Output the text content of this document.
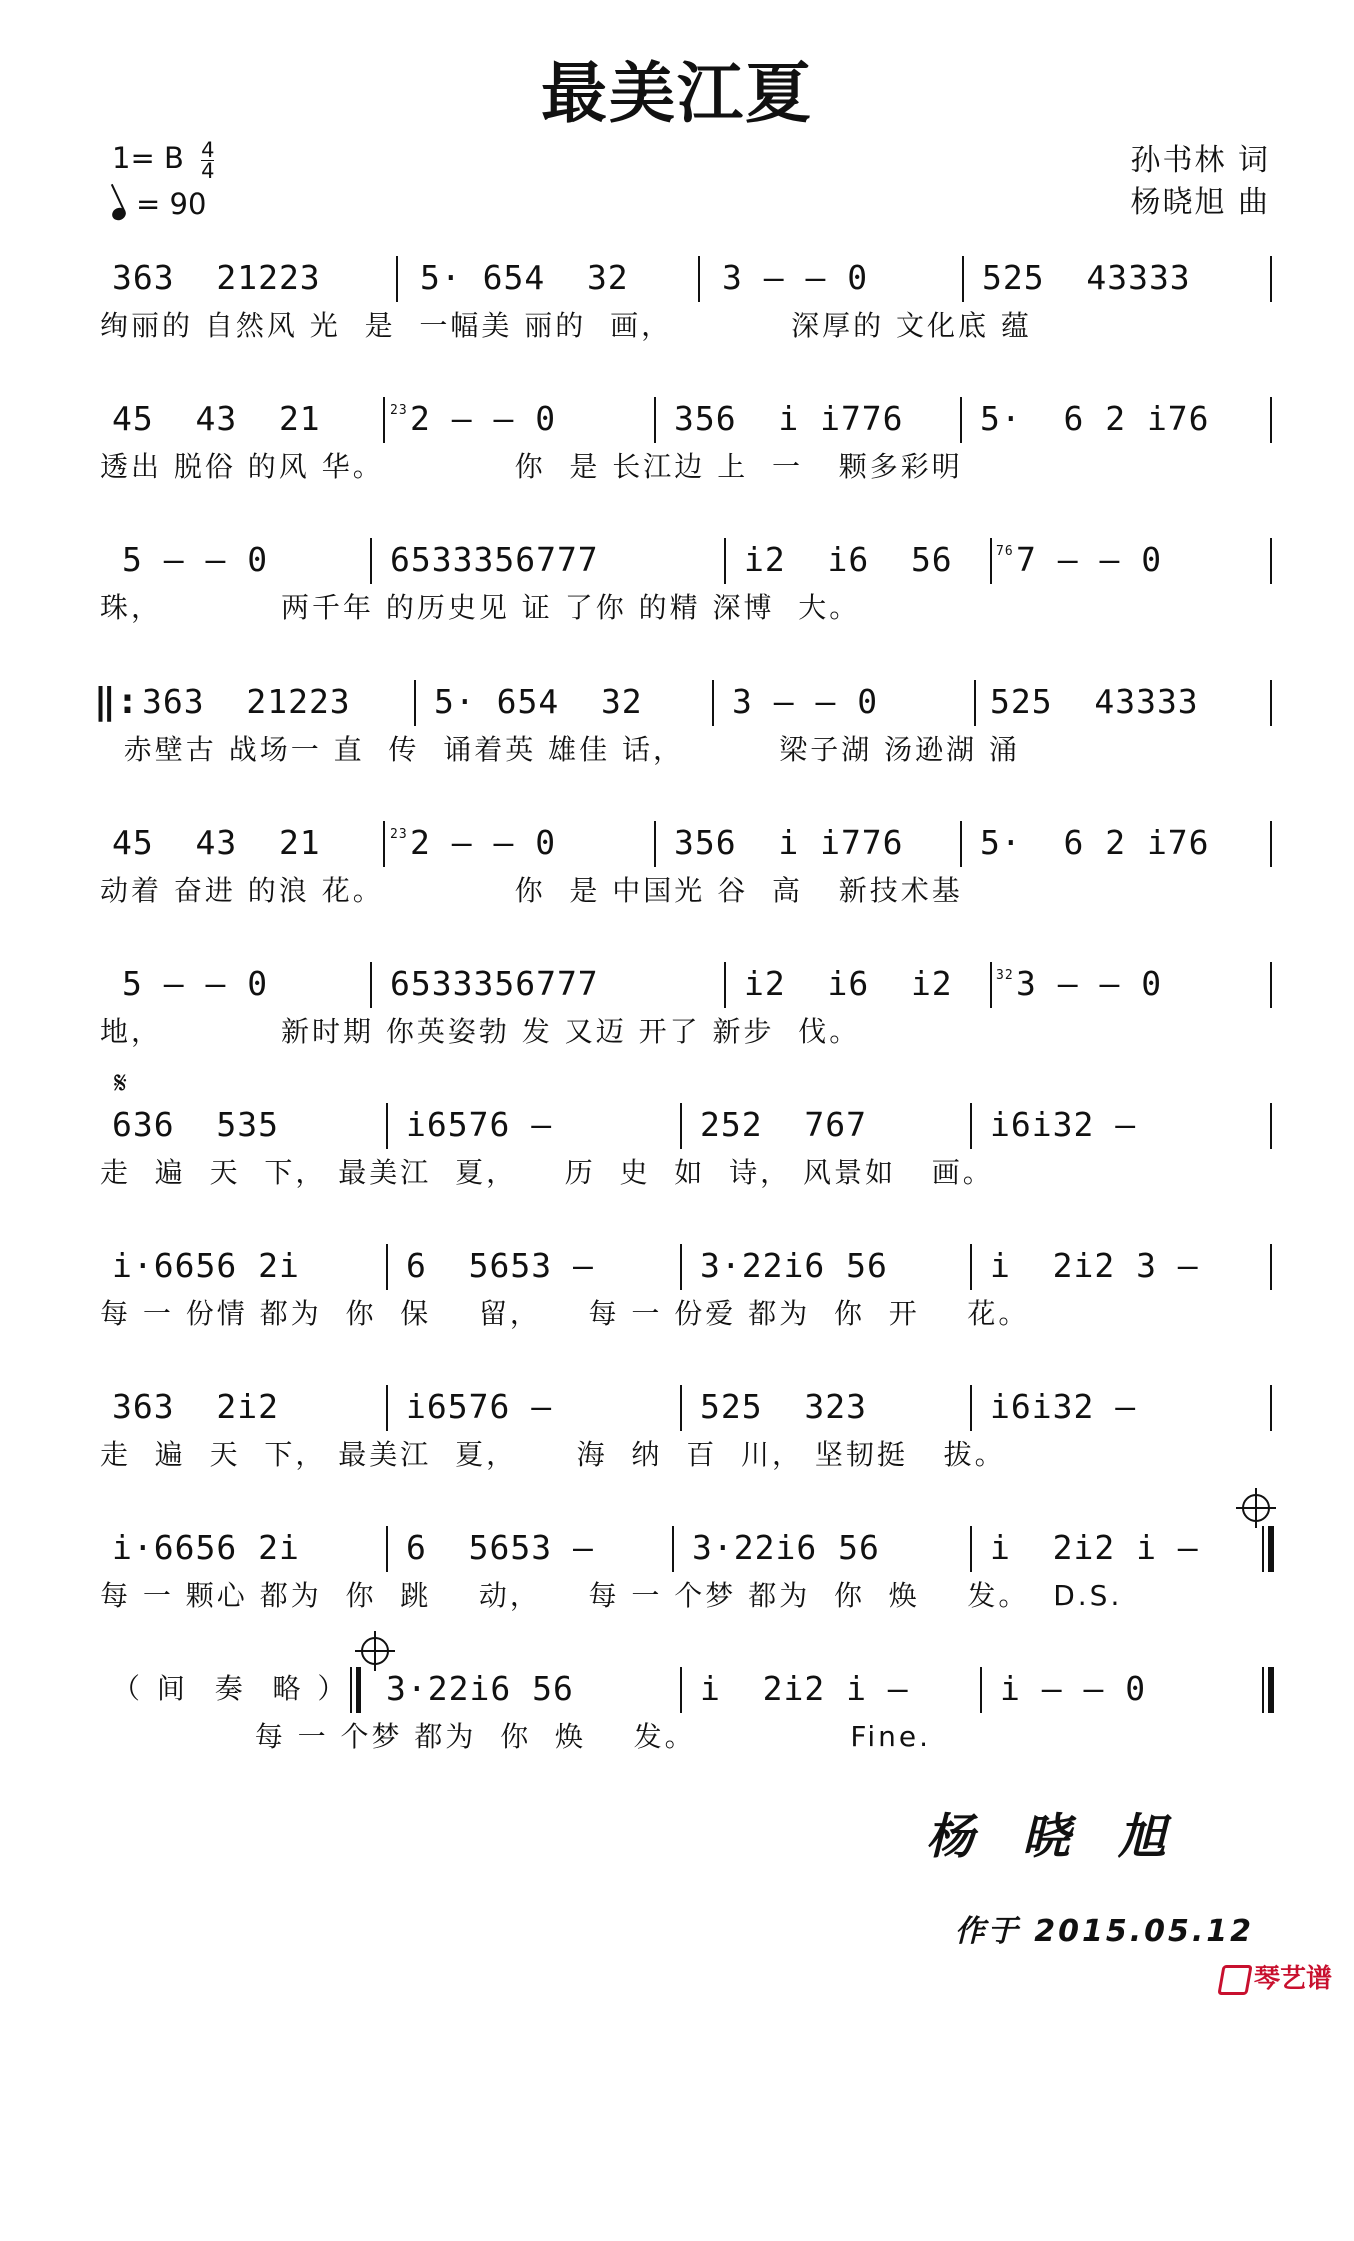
最美江夏
1= B $\frac{4}{4}$
= 90
孙书林 词
杨晓旭 曲
𝄋

363  21223

	5· 654  32

	3 — — 0

	525  43333

绚丽的 自然风 光  是  一幅美 丽的  画，          深厚的 文化底 蕴

45  43  21

	23

2 — — 0

	356  i i776

5·  6 2 i76

透出 脱俗 的风 华。           你  是 长江边 上  一   颗多彩明

5 — — 0

	6533356777

	i2  i6  56

	76

7 — — 0

珠，          两千年 的历史见 证 了你 的精 深博  大。

‖:

363  21223

	5· 654  32

	3 — — 0

	525  43333

赤壁古 战场一 直  传  诵着英 雄佳 话，        梁子湖 汤逊湖 涌

45  43  21

	23

2 — — 0

	356  i i776

5·  6 2 i76

动着 奋进 的浪 花。           你  是 中国光 谷  高   新技术基

5 — — 0

	6533356777

	i2  i6  i2

	32

3 — — 0

地，          新时期 你英姿勃 发 又迈 开了 新步  伐。

636  535

	i6576 —

	252  767

	i6i32 —

走  遍  天  下， 最美江  夏，    历  史  如  诗， 风景如   画。

i·6656 2i

	6  5653 —

	3·22i6 56

	i  2i2 3 —

每 一 份情 都为  你  保    留，    每 一 份爱 都为  你  开    花。

363  2i2

	i6576 —

	525  323

	i6i32 —

走  遍  天  下， 最美江  夏，     海  纳  百  川， 坚韧挺   拔。

i·6656 2i

	6  5653 —

	3·22i6 56

	i  2i2 i —

每 一 颗心 都为  你  跳    动，    每 一 个梦 都为  你  焕    发。  D.S.

（ 间  奏  略 ）

3·22i6 56

	i  2i2 i —

	i — — 0

每 一 个梦 都为  你  焕    发。             Fine.
杨晓旭
作于 2015.05.12
琴艺谱
